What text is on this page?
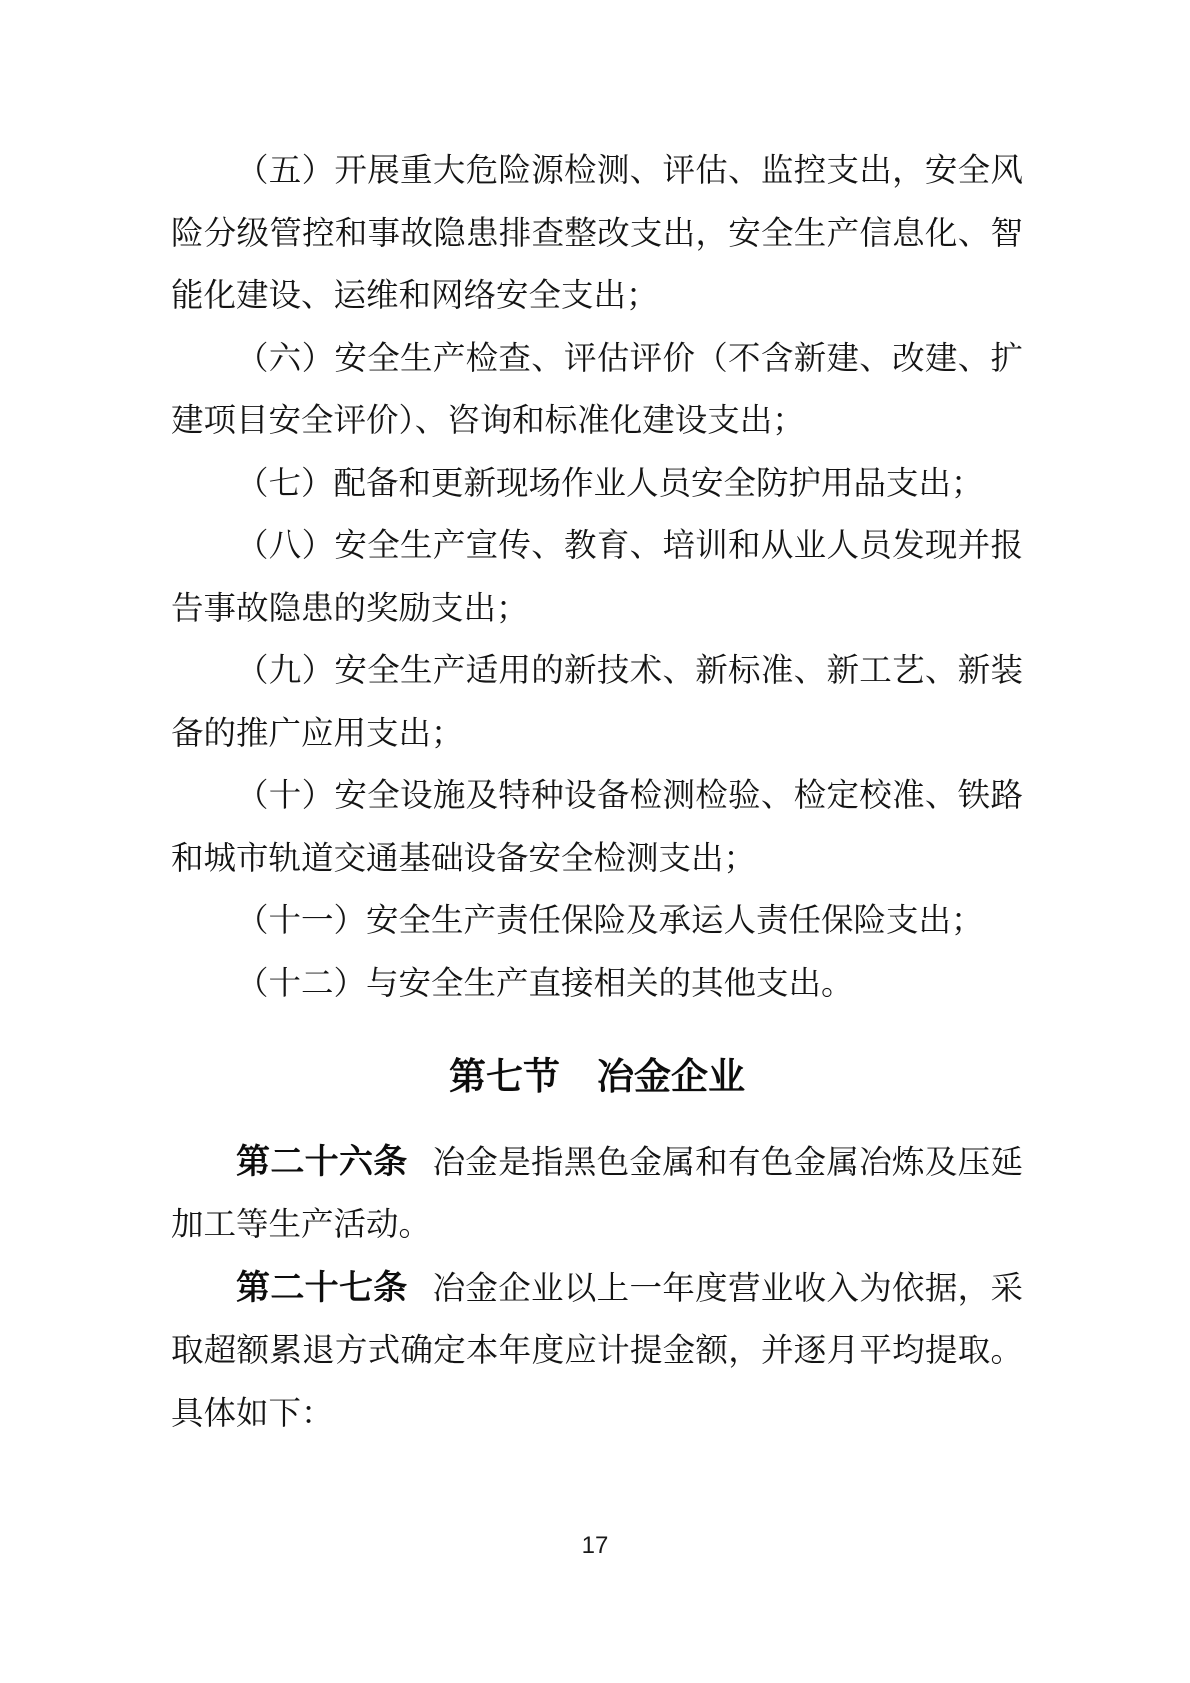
（五）开展重大危险源检测、评估、监控支出，安全风险分级管控和事故隐患排查整改支出，安全生产信息化、智能化建设、运维和网络安全支出；

（六）安全生产检查、评估评价（不含新建、改建、扩建项目安全评价）、咨询和标准化建设支出；

（七）配备和更新现场作业人员安全防护用品支出；

（八）安全生产宣传、教育、培训和从业人员发现并报告事故隐患的奖励支出；

（九）安全生产适用的新技术、新标准、新工艺、新装备的推广应用支出；

（十）安全设施及特种设备检测检验、检定校准、铁路和城市轨道交通基础设备安全检测支出；

（十一）安全生产责任保险及承运人责任保险支出；

（十二）与安全生产直接相关的其他支出。

第七节　冶金企业

第二十六条 冶金是指黑色金属和有色金属冶炼及压延加工等生产活动。

第二十七条 冶金企业以上一年度营业收入为依据，采取超额累退方式确定本年度应计提金额，并逐月平均提取。具体如下：

17
